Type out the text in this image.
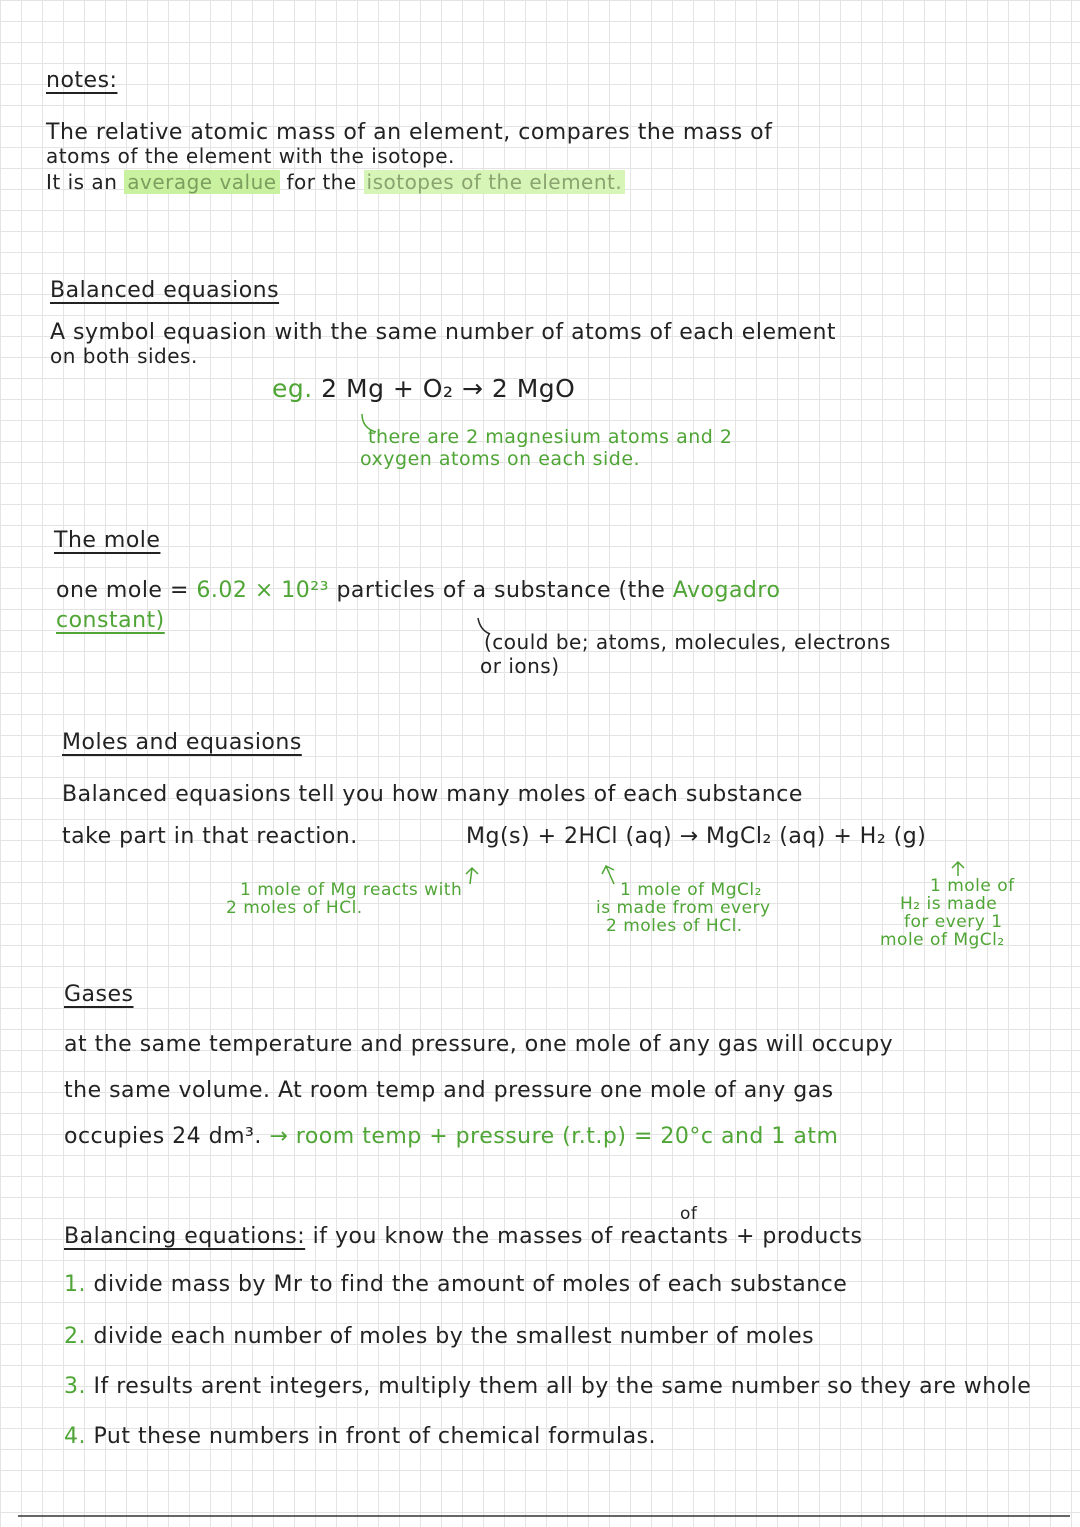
notes:
The relative atomic mass of an element, compares the mass of
atoms of the element with the isotope.
It is an average value for the isotopes of the element.
Balanced equasions
A symbol equasion with the same number of atoms of each element
on both sides.
eg. 2 Mg + O₂ → 2 MgO
there are 2 magnesium atoms and 2
oxygen atoms on each side.
The mole
one mole = 6.02 × 10²³ particles of a substance (the Avogadro
constant)
(could be; atoms, molecules, electrons
or ions)
Moles and equasions
Balanced equasions tell you how many moles of each substance
take part in that reaction.	Mg(s) + 2HCl (aq) → MgCl₂ (aq) + H₂ (g)
1 mole of Mg reacts with
2 moles of HCl.
1 mole of MgCl₂
is made from every
2 moles of HCl.
1 mole of
H₂ is made
for every 1
mole of MgCl₂
Gases
at the same temperature and pressure, one mole of any gas will occupy
the same volume. At room temp and pressure one mole of any gas
occupies 24 dm³. → room temp + pressure (r.t.p) = 20°c and 1 atm
Balancing equations: if you know the masses of reactants + products
of
1. divide mass by Mr to find the amount of moles of each substance
2. divide each number of moles by the smallest number of moles
3. If results arent integers, multiply them all by the same number so they are whole
4. Put these numbers in front of chemical formulas.
